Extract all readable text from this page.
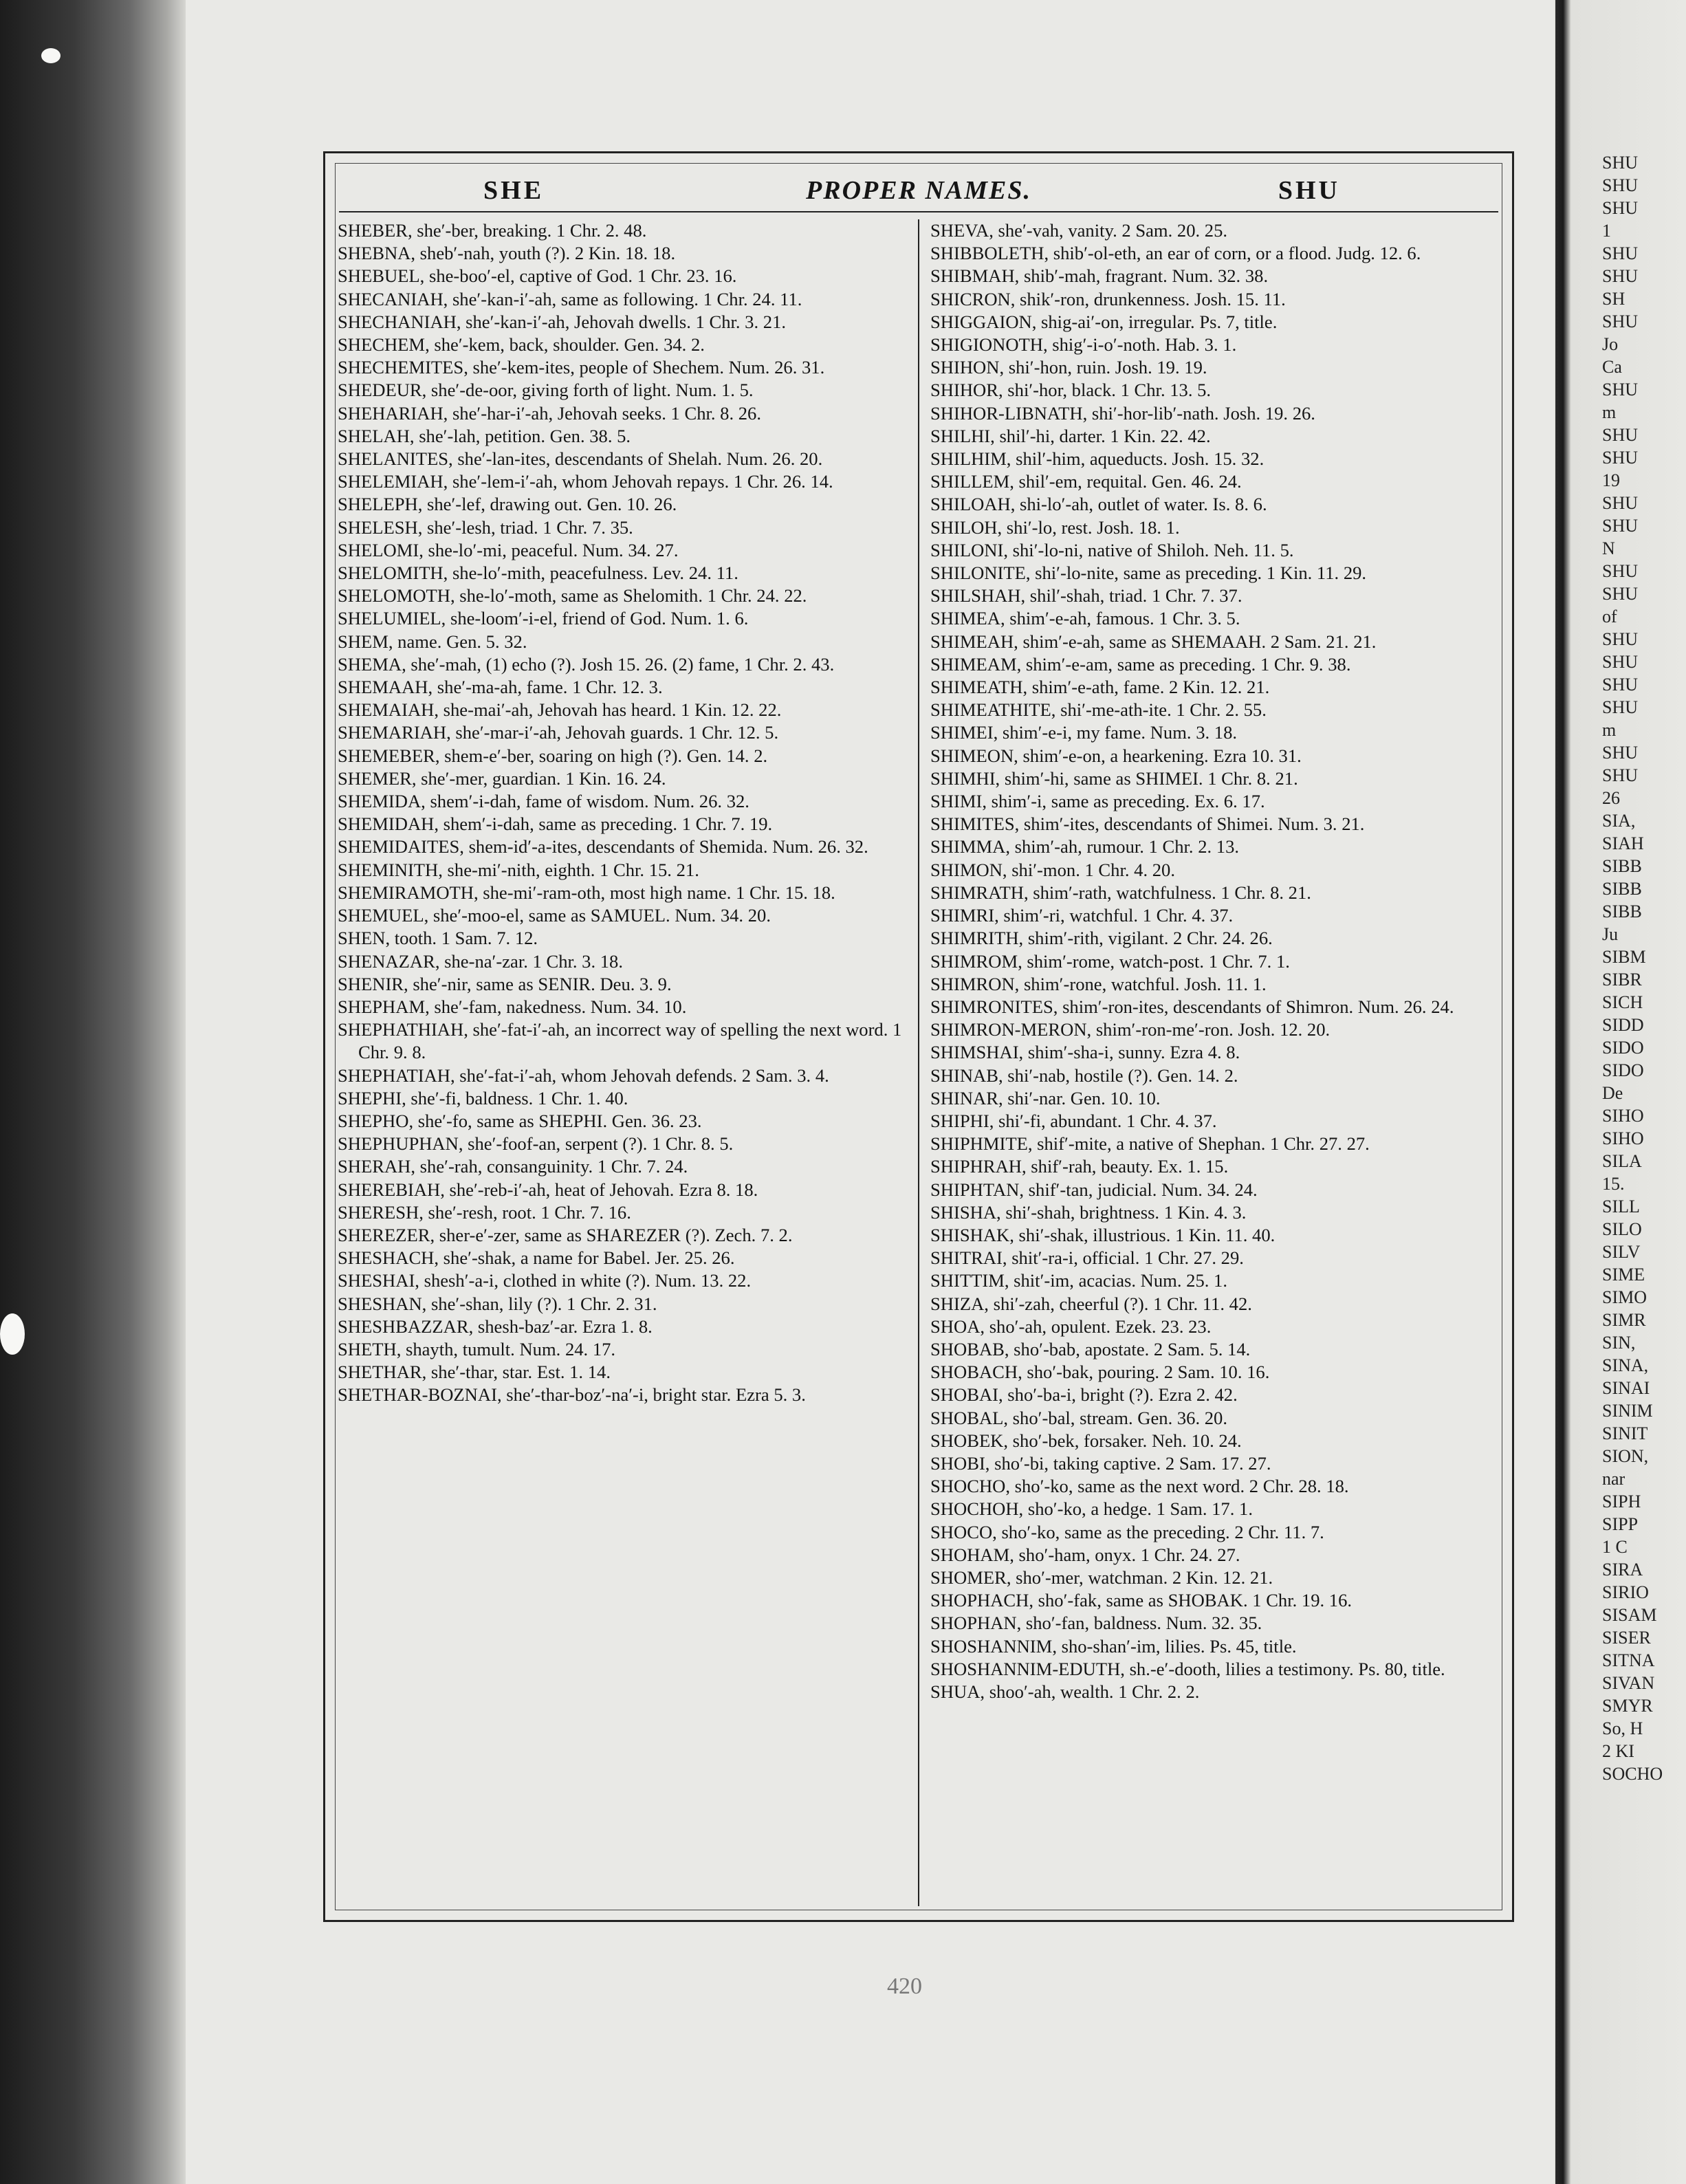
SHE	PROPER NAMES.	SHU

SHEBER, she′-ber, breaking. 1 Chr. 2. 48.

SHEBNA, sheb′-nah, youth (?). 2 Kin. 18. 18.

SHEBUEL, she-boo′-el, captive of God. 1 Chr. 23. 16.

SHECANIAH, she′-kan-i′-ah, same as following. 1 Chr. 24. 11.

SHECHANIAH, she′-kan-i′-ah, Jehovah dwells. 1 Chr. 3. 21.

SHECHEM, she′-kem, back, shoulder. Gen. 34. 2.

SHECHEMITES, she′-kem-ites, people of Shechem. Num. 26. 31.

SHEDEUR, she′-de-oor, giving forth of light. Num. 1. 5.

SHEHARIAH, she′-har-i′-ah, Jehovah seeks. 1 Chr. 8. 26.

SHELAH, she′-lah, petition. Gen. 38. 5.

SHELANITES, she′-lan-ites, descendants of Shelah. Num. 26. 20.

SHELEMIAH, she′-lem-i′-ah, whom Jehovah repays. 1 Chr. 26. 14.

SHELEPH, she′-lef, drawing out. Gen. 10. 26.

SHELESH, she′-lesh, triad. 1 Chr. 7. 35.

SHELOMI, she-lo′-mi, peaceful. Num. 34. 27.

SHELOMITH, she-lo′-mith, peacefulness. Lev. 24. 11.

SHELOMOTH, she-lo′-moth, same as Shelomith. 1 Chr. 24. 22.

SHELUMIEL, she-loom′-i-el, friend of God. Num. 1. 6.

SHEM, name. Gen. 5. 32.

SHEMA, she′-mah, (1) echo (?). Josh 15. 26. (2) fame, 1 Chr. 2. 43.

SHEMAAH, she′-ma-ah, fame. 1 Chr. 12. 3.

SHEMAIAH, she-mai′-ah, Jehovah has heard. 1 Kin. 12. 22.

SHEMARIAH, she′-mar-i′-ah, Jehovah guards. 1 Chr. 12. 5.

SHEMEBER, shem-e′-ber, soaring on high (?). Gen. 14. 2.

SHEMER, she′-mer, guardian. 1 Kin. 16. 24.

SHEMIDA, shem′-i-dah, fame of wisdom. Num. 26. 32.

SHEMIDAH, shem′-i-dah, same as preceding. 1 Chr. 7. 19.

SHEMIDAITES, shem-id′-a-ites, descendants of Shemida. Num. 26. 32.

SHEMINITH, she-mi′-nith, eighth. 1 Chr. 15. 21.

SHEMIRAMOTH, she-mi′-ram-oth, most high name. 1 Chr. 15. 18.

SHEMUEL, she′-moo-el, same as SAMUEL. Num. 34. 20.

SHEN, tooth. 1 Sam. 7. 12.

SHENAZAR, she-na′-zar. 1 Chr. 3. 18.

SHENIR, she′-nir, same as SENIR. Deu. 3. 9.

SHEPHAM, she′-fam, nakedness. Num. 34. 10.

SHEPHATHIAH, she′-fat-i′-ah, an incorrect way of spelling the next word. 1 Chr. 9. 8.

SHEPHATIAH, she′-fat-i′-ah, whom Jehovah defends. 2 Sam. 3. 4.

SHEPHI, she′-fi, baldness. 1 Chr. 1. 40.

SHEPHO, she′-fo, same as SHEPHI. Gen. 36. 23.

SHEPHUPHAN, she′-foof-an, serpent (?). 1 Chr. 8. 5.

SHERAH, she′-rah, consanguinity. 1 Chr. 7. 24.

SHEREBIAH, she′-reb-i′-ah, heat of Jehovah. Ezra 8. 18.

SHERESH, she′-resh, root. 1 Chr. 7. 16.

SHEREZER, sher-e′-zer, same as SHAREZER (?). Zech. 7. 2.

SHESHACH, she′-shak, a name for Babel. Jer. 25. 26.

SHESHAI, shesh′-a-i, clothed in white (?). Num. 13. 22.

SHESHAN, she′-shan, lily (?). 1 Chr. 2. 31.

SHESHBAZZAR, shesh-baz′-ar. Ezra 1. 8.

SHETH, shayth, tumult. Num. 24. 17.

SHETHAR, she′-thar, star. Est. 1. 14.

SHETHAR-BOZNAI, she′-thar-boz′-na′-i, bright star. Ezra 5. 3.

SHEVA, she′-vah, vanity. 2 Sam. 20. 25.

SHIBBOLETH, shib′-ol-eth, an ear of corn, or a flood. Judg. 12. 6.

SHIBMAH, shib′-mah, fragrant. Num. 32. 38.

SHICRON, shik′-ron, drunkenness. Josh. 15. 11.

SHIGGAION, shig-ai′-on, irregular. Ps. 7, title.

SHIGIONOTH, shig′-i-o′-noth. Hab. 3. 1.

SHIHON, shi′-hon, ruin. Josh. 19. 19.

SHIHOR, shi′-hor, black. 1 Chr. 13. 5.

SHIHOR-LIBNATH, shi′-hor-lib′-nath. Josh. 19. 26.

SHILHI, shil′-hi, darter. 1 Kin. 22. 42.

SHILHIM, shil′-him, aqueducts. Josh. 15. 32.

SHILLEM, shil′-em, requital. Gen. 46. 24.

SHILOAH, shi-lo′-ah, outlet of water. Is. 8. 6.

SHILOH, shi′-lo, rest. Josh. 18. 1.

SHILONI, shi′-lo-ni, native of Shiloh. Neh. 11. 5.

SHILONITE, shi′-lo-nite, same as preceding. 1 Kin. 11. 29.

SHILSHAH, shil′-shah, triad. 1 Chr. 7. 37.

SHIMEA, shim′-e-ah, famous. 1 Chr. 3. 5.

SHIMEAH, shim′-e-ah, same as SHEMAAH. 2 Sam. 21. 21.

SHIMEAM, shim′-e-am, same as preceding. 1 Chr. 9. 38.

SHIMEATH, shim′-e-ath, fame. 2 Kin. 12. 21.

SHIMEATHITE, shi′-me-ath-ite. 1 Chr. 2. 55.

SHIMEI, shim′-e-i, my fame. Num. 3. 18.

SHIMEON, shim′-e-on, a hearkening. Ezra 10. 31.

SHIMHI, shim′-hi, same as SHIMEI. 1 Chr. 8. 21.

SHIMI, shim′-i, same as preceding. Ex. 6. 17.

SHIMITES, shim′-ites, descendants of Shimei. Num. 3. 21.

SHIMMA, shim′-ah, rumour. 1 Chr. 2. 13.

SHIMON, shi′-mon. 1 Chr. 4. 20.

SHIMRATH, shim′-rath, watchfulness. 1 Chr. 8. 21.

SHIMRI, shim′-ri, watchful. 1 Chr. 4. 37.

SHIMRITH, shim′-rith, vigilant. 2 Chr. 24. 26.

SHIMROM, shim′-rome, watch-post. 1 Chr. 7. 1.

SHIMRON, shim′-rone, watchful. Josh. 11. 1.

SHIMRONITES, shim′-ron-ites, descendants of Shimron. Num. 26. 24.

SHIMRON-MERON, shim′-ron-me′-ron. Josh. 12. 20.

SHIMSHAI, shim′-sha-i, sunny. Ezra 4. 8.

SHINAB, shi′-nab, hostile (?). Gen. 14. 2.

SHINAR, shi′-nar. Gen. 10. 10.

SHIPHI, shi′-fi, abundant. 1 Chr. 4. 37.

SHIPHMITE, shif′-mite, a native of Shephan. 1 Chr. 27. 27.

SHIPHRAH, shif′-rah, beauty. Ex. 1. 15.

SHIPHTAN, shif′-tan, judicial. Num. 34. 24.

SHISHA, shi′-shah, brightness. 1 Kin. 4. 3.

SHISHAK, shi′-shak, illustrious. 1 Kin. 11. 40.

SHITRAI, shit′-ra-i, official. 1 Chr. 27. 29.

SHITTIM, shit′-im, acacias. Num. 25. 1.

SHIZA, shi′-zah, cheerful (?). 1 Chr. 11. 42.

SHOA, sho′-ah, opulent. Ezek. 23. 23.

SHOBAB, sho′-bab, apostate. 2 Sam. 5. 14.

SHOBACH, sho′-bak, pouring. 2 Sam. 10. 16.

SHOBAI, sho′-ba-i, bright (?). Ezra 2. 42.

SHOBAL, sho′-bal, stream. Gen. 36. 20.

SHOBEK, sho′-bek, forsaker. Neh. 10. 24.

SHOBI, sho′-bi, taking captive. 2 Sam. 17. 27.

SHOCHO, sho′-ko, same as the next word. 2 Chr. 28. 18.

SHOCHOH, sho′-ko, a hedge. 1 Sam. 17. 1.

SHOCO, sho′-ko, same as the preceding. 2 Chr. 11. 7.

SHOHAM, sho′-ham, onyx. 1 Chr. 24. 27.

SHOMER, sho′-mer, watchman. 2 Kin. 12. 21.

SHOPHACH, sho′-fak, same as SHOBAK. 1 Chr. 19. 16.

SHOPHAN, sho′-fan, baldness. Num. 32. 35.

SHOSHANNIM, sho-shan′-im, lilies. Ps. 45, title.

SHOSHANNIM-EDUTH, sh.-e′-dooth, lilies a testimony. Ps. 80, title.

SHUA, shoo′-ah, wealth. 1 Chr. 2. 2.

420
SHU
SHU
SHU
1
SHU
SHU
SH
SHU
Jo
Ca
SHU
m
SHU
SHU
19
SHU
SHU
N
SHU
SHU
of
SHU
SHU
SHU
SHU
m
SHU
SHU
26
SIA,
SIAH
SIBB
SIBB
SIBB
Ju
SIBM
SIBR
SICH
SIDD
SIDO
SIDO
De
SIHO
SIHO
SILA
15.
SILL
SILO
SILV
SIME
SIMO
SIMR
SIN,
SINA,
SINAI
SINIM
SINIT
SION,
nar
SIPH
SIPP
1 C
SIRA
SIRIO
SISAM
SISER
SITNA
SIVAN
SMYR
So, H
2 KI
SOCHO
